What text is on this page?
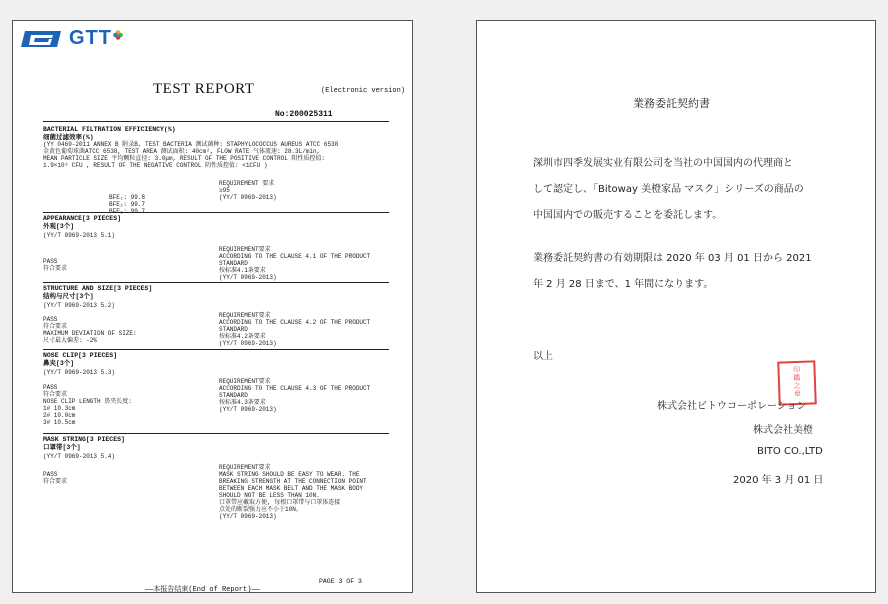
GTT
TEST REPORT	(Electronic version)
No:200025311
BACTERIAL FILTRATION EFFICIENCY(%)
细菌过滤效率(%)
(YY 0469-2011 ANNEX B 附录B, TEST BACTERIA 测试菌种: STAPHYLOCOCCUS AUREUS ATCC 6538
金黄色葡萄球菌ATCC 6538, TEST AREA 测试面积: 40cm², FLOW RATE 气体流速: 28.3L/min,
MEAN PARTICLE SIZE 平均颗粒直径: 3.0μm, RESULT OF THE POSITIVE CONTROL 阳性质控值:
1.9×10³ CFU , RESULT OF THE NEGATIVE CONTROL 阴性质控值: <1CFU )
BFE₁: 99.8
BFE₂: 99.7
BFE₃: 99.7
REQUIREMENT 要求
≥95
(YY/T 0969-2013)
APPEARANCE[3 PIECES]
外观[3个]
(YY/T 0969-2013 5.1)
PASS
符合要求
REQUIREMENT要求
ACCORDING TO THE CLAUSE 4.1 OF THE PRODUCT
STANDARD
按标准4.1条要求
(YY/T 0969-2013)
STRUCTURE AND SIZE[3 PIECES]
结构与尺寸[3个]
(YY/T 0969-2013 5.2)
PASS
符合要求
MAXIMUM DEVIATION OF SIZE:
尺寸最大偏差: -2%
REQUIREMENT要求
ACCORDING TO THE CLAUSE 4.2 OF THE PRODUCT
STANDARD
按标准4.2条要求
(YY/T 0969-2013)
NOSE CLIP[3 PIECES]
鼻夹[3个]
(YY/T 0969-2013 5.3)
PASS
符合要求
NOSE CLIP LENGTH 鼻夹长度:
1# 10.3cm
2# 10.0cm
3# 10.5cm
REQUIREMENT要求
ACCORDING TO THE CLAUSE 4.3 OF THE PRODUCT
STANDARD
按标准4.3条要求
(YY/T 0969-2013)
MASK STRING[3 PIECES]
口罩带[3个]
(YY/T 0969-2013 5.4)
PASS
符合要求
REQUIREMENT要求
MASK STRING SHOULD BE EASY TO WEAR. THE
BREAKING STRENGTH AT THE CONNECTION POINT
BETWEEN EACH MASK BELT AND THE MASK BODY
SHOULD NOT BE LESS THAN 10N.
口罩带应戴取方便, 每根口罩带与口罩体连接
点处的断裂强力应不小于10N。
(YY/T 0969-2013)
——本报告结束(End of Report)——
PAGE 3 OF 3
業務委託契約書
深圳市四季发展实业有限公司を当社の中国国内の代理商と
して認定し、「Bitoway 美橙家品 マスク」シリーズの商品の
中国国内での販売することを委託します。
業務委託契約書の有効期限は 2020 年 03 月 01 日から 2021
年 2 月 28 日まで、1 年間になります。
以上
印
鑑
之
章
株式会社ビトウコーポレーション
株式会社美橙
BITO CO.,LTD
2020 年 3 月 01 日
